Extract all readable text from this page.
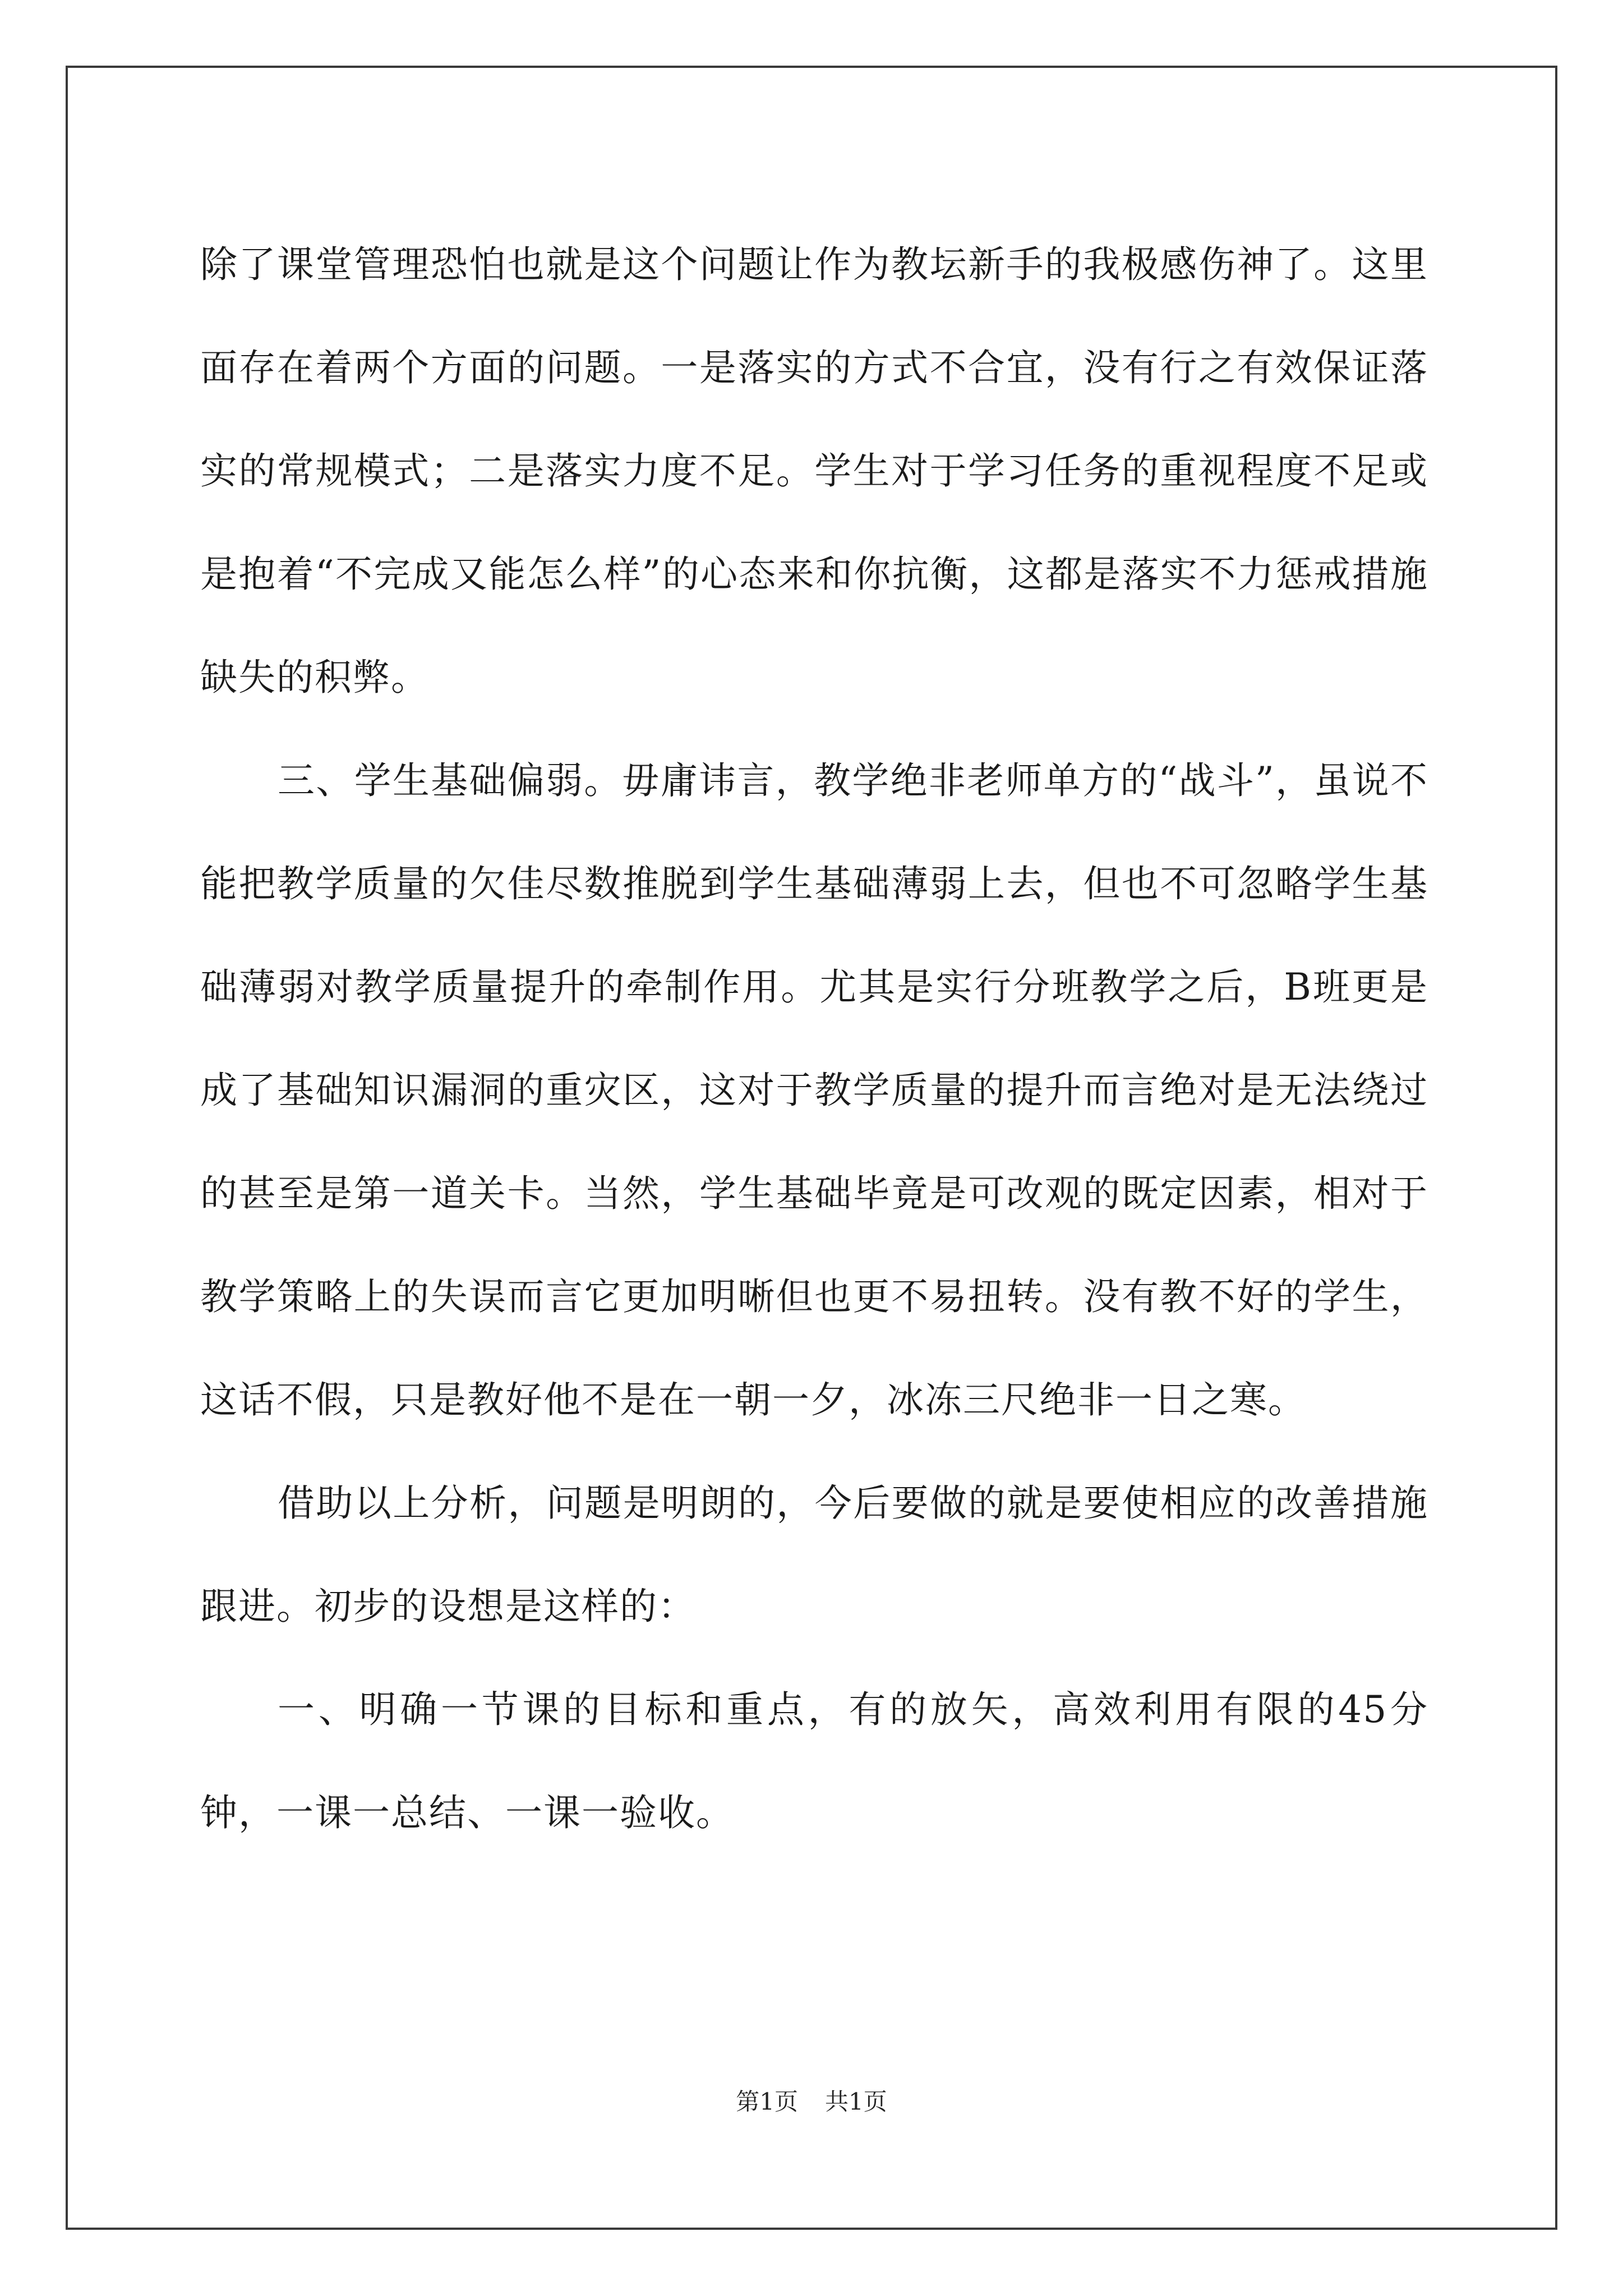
除了课堂管理恐怕也就是这个问题让作为教坛新手的我极感伤神了。这里面存在着两个方面的问题。一是落实的方式不合宜，没有行之有效保证落实的常规模式；二是落实力度不足。学生对于学习任务的重视程度不足或是抱着“不完成又能怎么样”的心态来和你抗衡，这都是落实不力惩戒措施缺失的积弊。

三、学生基础偏弱。毋庸讳言，教学绝非老师单方的“战斗”，虽说不能把教学质量的欠佳尽数推脱到学生基础薄弱上去，但也不可忽略学生基础薄弱对教学质量提升的牵制作用。尤其是实行分班教学之后，B班更是成了基础知识漏洞的重灾区，这对于教学质量的提升而言绝对是无法绕过的甚至是第一道关卡。当然，学生基础毕竟是可改观的既定因素，相对于教学策略上的失误而言它更加明晰但也更不易扭转。没有教不好的学生，这话不假，只是教好他不是在一朝一夕，冰冻三尺绝非一日之寒。

借助以上分析，问题是明朗的，今后要做的就是要使相应的改善措施跟进。初步的设想是这样的：

一、明确一节课的目标和重点，有的放矢，高效利用有限的45分钟，一课一总结、一课一验收。

第1页 共1页
